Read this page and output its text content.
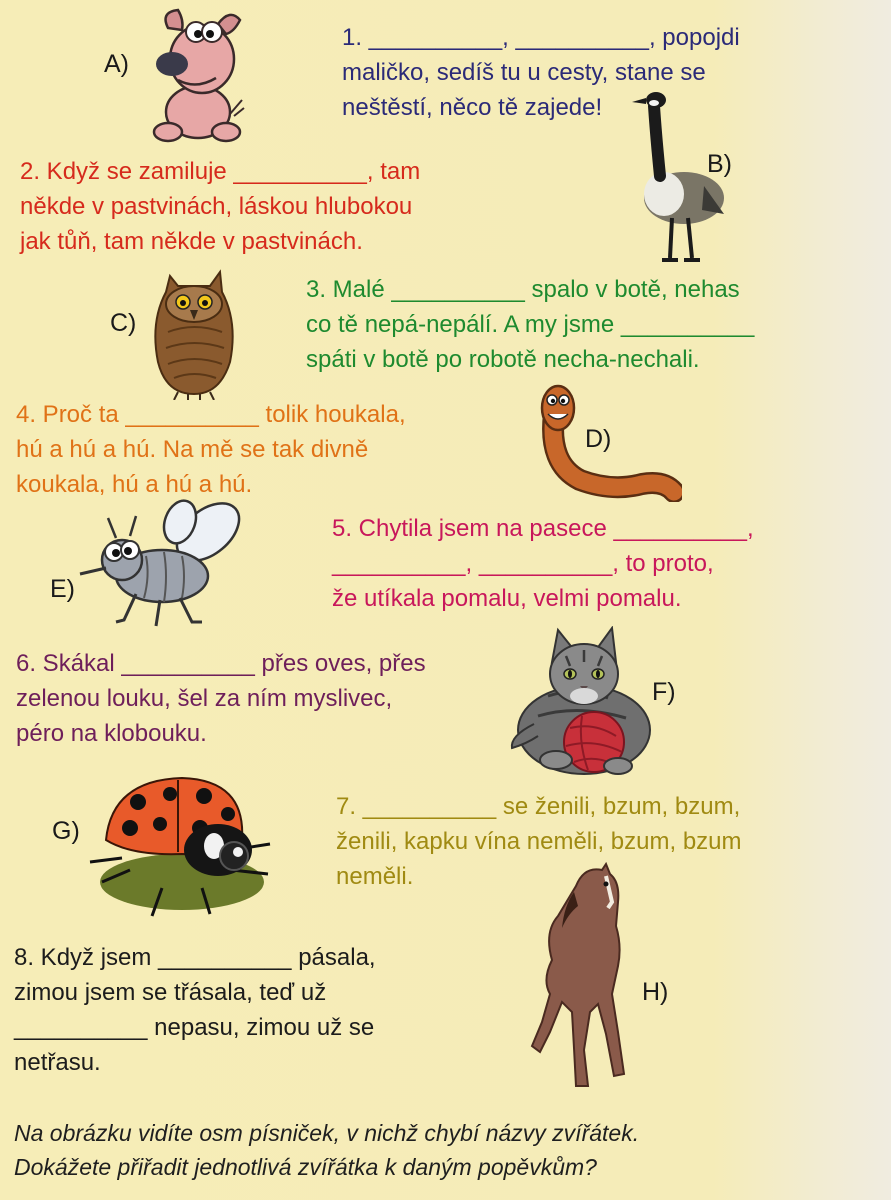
1. __________, __________, popojdi
maličko, sedíš tu u cesty, stane se
neštěstí, něco tě zajede!
2. Když se zamiluje __________, tam
někde v pastvinách, láskou hlubokou
jak tůň, tam někde v pastvinách.
3. Malé __________ spalo v botě, nehas
co tě nepá-nepálí. A my jsme __________
spáti v botě po robotě necha-nechali.
4. Proč ta __________ tolik houkala,
hú a hú a hú. Na mě se tak divně
koukala, hú a hú a hú.
5. Chytila jsem na pasece __________,
__________, __________, to proto,
že utíkala pomalu, velmi pomalu.
6. Skákal __________ přes oves, přes
zelenou louku, šel za ním myslivec,
péro na klobouku.
7. __________ se ženili, bzum, bzum,
ženili, kapku vína neměli, bzum, bzum
neměli.
8. Když jsem __________ pásala,
zimou jsem se třásala, teď už
__________ nepasu, zimou už se
netřasu.
A)
B)
C)
D)
E)
F)
G)
H)
Na obrázku vidíte osm písniček, v nichž chybí názvy zvířátek.
Dokážete přiřadit jednotlivá zvířátka k daným popěvkům?
